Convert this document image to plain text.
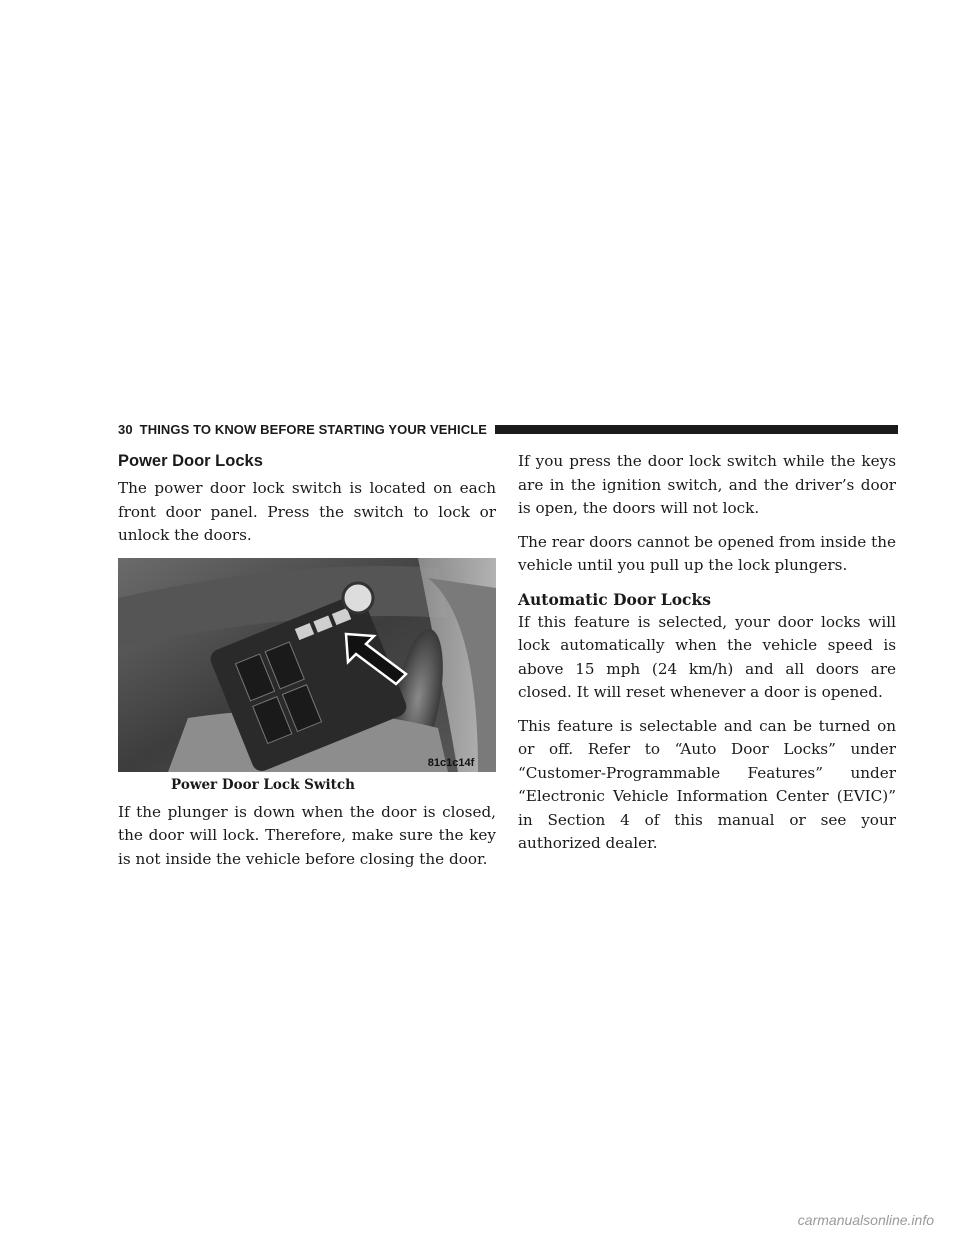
30 THINGS TO KNOW BEFORE STARTING YOUR VEHICLE
Power Door Locks

The power door lock switch is located on each front door panel. Press the switch to lock or unlock the doors.

81c1c14f
Power Door Lock Switch

If the plunger is down when the door is closed, the door will lock. Therefore, make sure the key is not inside the vehicle before closing the door.

If you press the door lock switch while the keys are in the ignition switch, and the driver’s door is open, the doors will not lock.

The rear doors cannot be opened from inside the vehicle until you pull up the lock plungers.

Automatic Door Locks

If this feature is selected, your door locks will lock automatically when the vehicle speed is above 15 mph (24 km/h) and all doors are closed. It will reset whenever a door is opened.

This feature is selectable and can be turned on or off. Refer to “Auto Door Locks” under “Customer-Programmable Features” under “Electronic Vehicle Information Center (EVIC)” in Section 4 of this manual or see your authorized dealer.

carmanualsonline.info
